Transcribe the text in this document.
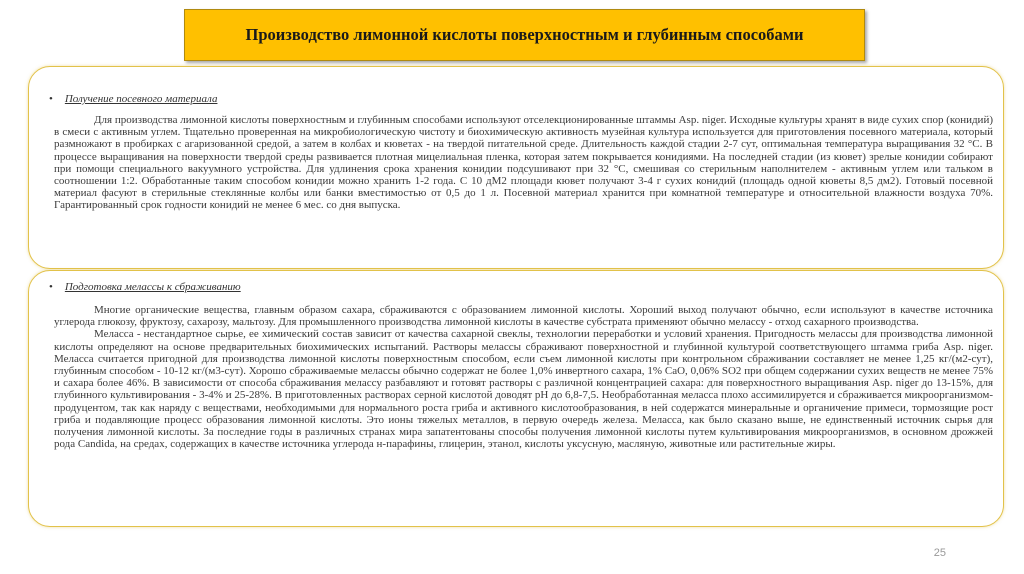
Производство лимонной кислоты поверхностным и глубинным способами
• Получение посевного материала

Для производства лимонной кислоты поверхностным и глубинным способами используют отселекционированные штаммы Asp. niger. Исходные культуры хранят в виде сухих спор (конидий) в смеси с активным углем. Тщательно проверенная на микробиологическую чистоту и биохимическую активность музейная культура используется для приготовления посевного материала, который размножают в пробирках с агаризованной средой, а затем в колбах и кюветах - на твердой питательной среде. Длительность каждой стадии 2-7 сут, оптимальная температура выращивания 32 °С. В процессе выращивания на поверхности твердой среды развивается плотная мицелиальная пленка, которая затем покрывается конидиями. На последней стадии (из кювет) зрелые конидии собирают при помощи специального вакуумного устройства. Для удлинения срока хранения конидии подсушивают при 32 °С, смешивая со стерильным наполнителем - активным углем или тальком в соотношении 1:2. Обработанные таким способом конидии можно хранить 1-2 года. С 10 дМ2 площади кювет получают 3-4 г сухих конидий (площадь одной кюветы 8,5 дм2). Готовый посевной материал фасуют в стерильные стеклянные колбы или банки вместимостью от 0,5 до 1 л. Посевной материал хранится при комнатной температуре и относительной влажности воздуха 70%. Гарантированный срок годности конидий не менее 6 мес. со дня выпуска.

• Подготовка мелассы к сбраживанию

Многие органические вещества, главным образом сахара, сбраживаются с образованием лимонной кислоты. Хороший выход получают обычно, если используют в качестве источника углерода глюкозу, фруктозу, сахарозу, мальтозу. Для промышленного производства лимонной кислоты в качестве субстрата применяют обычно мелассу - отход сахарного производства.

Меласса - нестандартное сырье, ее химический состав зависит от качества сахарной свеклы, технологии переработки и условий хранения. Пригодность мелассы для производства лимонной кислоты определяют на основе предварительных биохимических испытаний. Растворы мелассы сбраживают поверхностной и глубинной культурой соответствующего штамма гриба Asp. niger. Меласса считается пригодной для производства лимонной кислоты поверхностным способом, если съем лимонной кислоты при контрольном сбраживании составляет не менее 1,25 кг/(м2-сут), глубинным способом - 10-12 кг/(м3-сут). Хорошо сбраживаемые мелассы обычно содержат не более 1,0% инвертного сахара, 1% СаО, 0,06% SO2 при общем содержании сухих веществ не менее 75% и сахара более 46%. В зависимости от способа сбраживания мелассу разбавляют и готовят растворы с различной концентрацией сахара: для поверхностного выращивания Asp. niger до 13-15%, для глубинного культивирования - 3-4% и 25-28%. В приготовленных растворах серной кислотой доводят рН до 6,8-7,5. Необработанная меласса плохо ассимилируется и сбраживается микроорганизмом-продуцентом, так как наряду с веществами, необходимыми для нормального роста гриба и активного кислотообразования, в ней содержатся минеральные и органичение примеси, тормозящие рост гриба и подавляющие процесс образования лимонной кислоты. Это ионы тяжелых металлов, в первую очередь железа. Меласса, как было сказано выше, не единственный источник сырья для получения лимонной кислоты. За последние годы в различных странах мира запатентованы способы получения лимонной кислоты путем культивирования микроорганизмов, в основном дрожжей рода Candida, на средах, содержащих в качестве источника углерода н-парафины, глицерин, этанол, кислоты уксусную, масляную, животные или растительные жиры.

25
